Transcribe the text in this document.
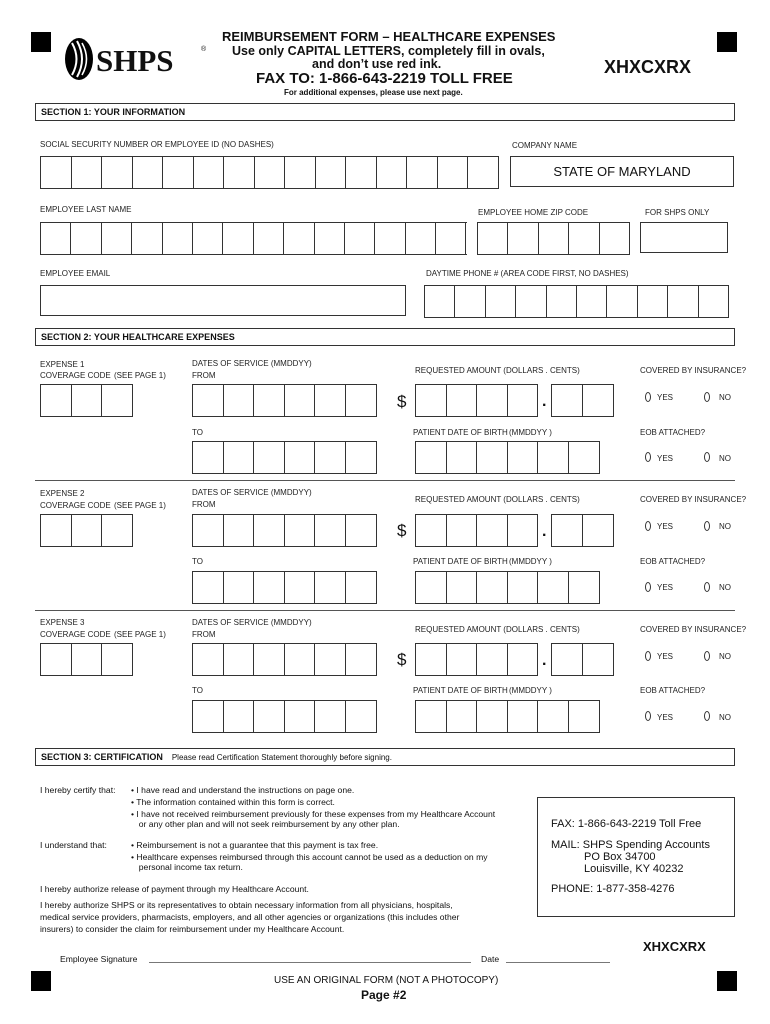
SHPS	®
REIMBURSEMENT FORM – HEALTHCARE EXPENSES
Use only CAPITAL LETTERS, completely fill in ovals,
and don’t use red ink.
FAX TO: 1-866-643-2219 TOLL FREE
For additional expenses, please use next page.
XHXCXRX
SECTION 1: YOUR INFORMATION
SOCIAL SECURITY NUMBER OR EMPLOYEE ID (NO DASHES)	COMPANY NAME
STATE OF MARYLAND
EMPLOYEE LAST NAME	EMPLOYEE HOME ZIP CODE	FOR SHPS ONLY
EMPLOYEE EMAIL	DAYTIME PHONE # (AREA CODE FIRST, NO DASHES)
SECTION 2: YOUR HEALTHCARE EXPENSES
EXPENSE 1
COVERAGE CODE (SEE PAGE 1)
DATES OF SERVICE (MMDDYY)
FROM
REQUESTED AMOUNT (DOLLARS . CENTS)
$	.
COVERED BY INSURANCE?
YES	NO
TO	PATIENT DATE OF BIRTH (MMDDYY )	EOB ATTACHED?
YES	NO
EXPENSE 2
COVERAGE CODE (SEE PAGE 1)
DATES OF SERVICE (MMDDYY)
FROM
REQUESTED AMOUNT (DOLLARS . CENTS)
$	.
COVERED BY INSURANCE?
YES	NO
TO	PATIENT DATE OF BIRTH (MMDDYY )	EOB ATTACHED?
YES	NO
EXPENSE 3
COVERAGE CODE (SEE PAGE 1)
DATES OF SERVICE (MMDDYY)
FROM
REQUESTED AMOUNT (DOLLARS . CENTS)
$	.
COVERED BY INSURANCE?
YES	NO
TO	PATIENT DATE OF BIRTH (MMDDYY )	EOB ATTACHED?
YES	NO
SECTION 3: CERTIFICATION Please read Certification Statement thoroughly before signing.
I hereby certify that: • I have read and understand the instructions on page one.
• The information contained within this form is correct.
• I have not received reimbursement previously for these expenses from my Healthcare Account
or any other plan and will not seek reimbursement by any other plan.
I understand that:	• Reimbursement is not a guarantee that this payment is tax free.
• Healthcare expenses reimbursed through this account cannot be used as a deduction on my
personal income tax return.
I hereby authorize release of payment through my Healthcare Account.
I hereby authorize SHPS or its representatives to obtain necessary information from all physicians, hospitals,
medical service providers, pharmacists, employers, and all other agencies or organizations (this includes other
insurers) to consider the claim for reimbursement under my Healthcare Account.
FAX: 1-866-643-2219 Toll Free
MAIL: SHPS Spending Accounts
PO Box 34700
Louisville, KY 40232
PHONE: 1-877-358-4276
XHXCXRX
Employee Signature	Date
USE AN ORIGINAL FORM (NOT A PHOTOCOPY)
Page #2
